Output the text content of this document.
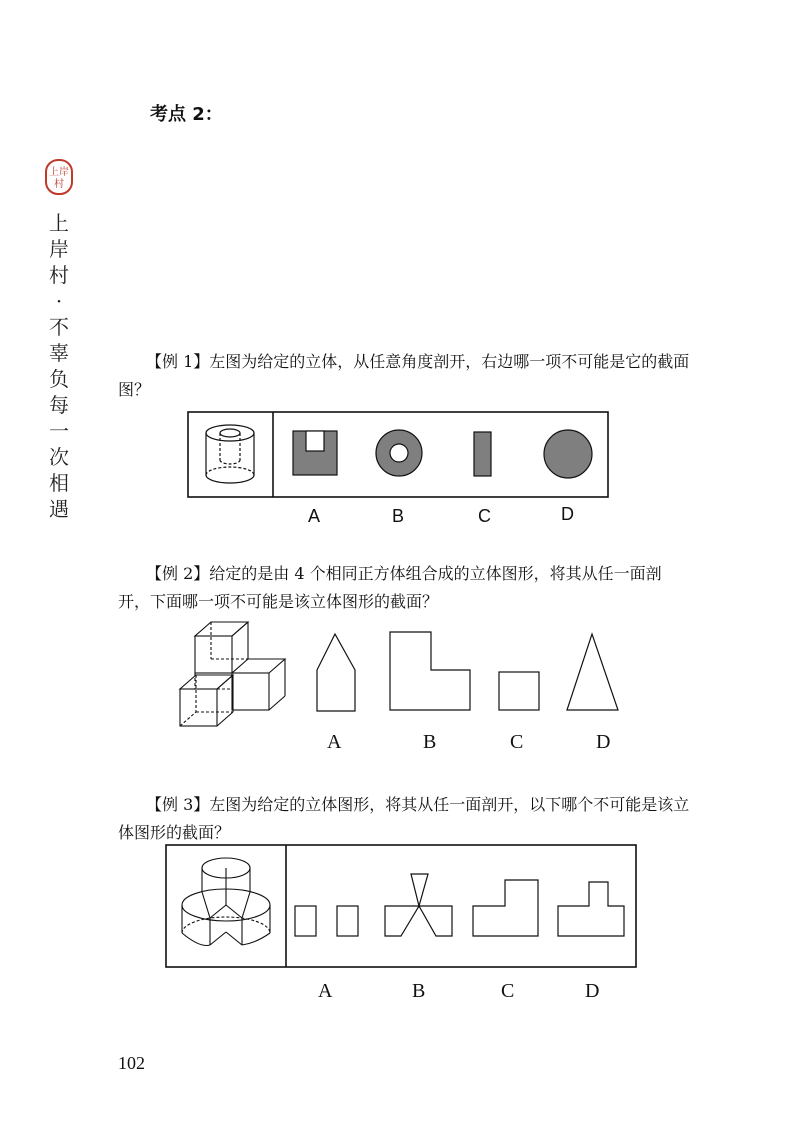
考点 2：
上岸
村
上岸村 · 不辜负每一次相遇
【例 1】左图为给定的立体，从任意角度剖开，右边哪一项不可能是它的截面图？
A	B	C	D
【例 2】给定的是由 4 个相同正方体组合成的立体图形，将其从任一面剖开，下面哪一项不可能是该立体图形的截面？
A	B	C	D
【例 3】左图为给定的立体图形，将其从任一面剖开，以下哪个不可能是该立体图形的截面？
A	B	C	D
102
